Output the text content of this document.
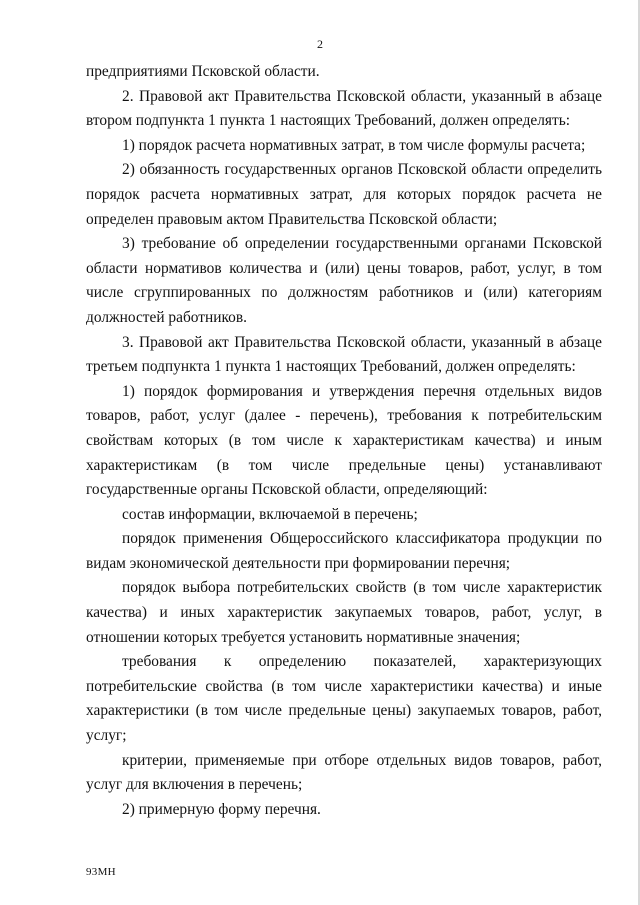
2

предприятиями Псковской области.

2. Правовой акт Правительства Псковской области, указанный в абзаце втором подпункта 1 пункта 1 настоящих Требований, должен определять:

1) порядок расчета нормативных затрат, в том числе формулы расчета;

2) обязанность государственных органов Псковской области определить порядок расчета нормативных затрат, для которых порядок расчета не определен правовым актом Правительства Псковской области;

3) требование об определении государственными органами Псковской области нормативов количества и (или) цены товаров, работ, услуг, в том числе сгруппированных по должностям работников и (или) категориям должностей работников.

3. Правовой акт Правительства Псковской области, указанный в абзаце третьем подпункта 1 пункта 1 настоящих Требований, должен определять:

1) порядок формирования и утверждения перечня отдельных видов товаров, работ, услуг (далее - перечень), требования к потребительским свойствам которых (в том числе к характеристикам качества) и иным характеристикам (в том числе предельные цены) устанавливают государственные органы Псковской области, определяющий:

состав информации, включаемой в перечень;

порядок применения Общероссийского классификатора продукции по видам экономической деятельности при формировании перечня;

порядок выбора потребительских свойств (в том числе характеристик качества) и иных характеристик закупаемых товаров, работ, услуг, в отношении которых требуется установить нормативные значения;

требования к определению показателей, характеризующих потребительские свойства (в том числе характеристики качества) и иные характеристики (в том числе предельные цены) закупаемых товаров, работ, услуг;

критерии, применяемые при отборе отдельных видов товаров, работ, услуг для включения в перечень;

2) примерную форму перечня.

93МН
